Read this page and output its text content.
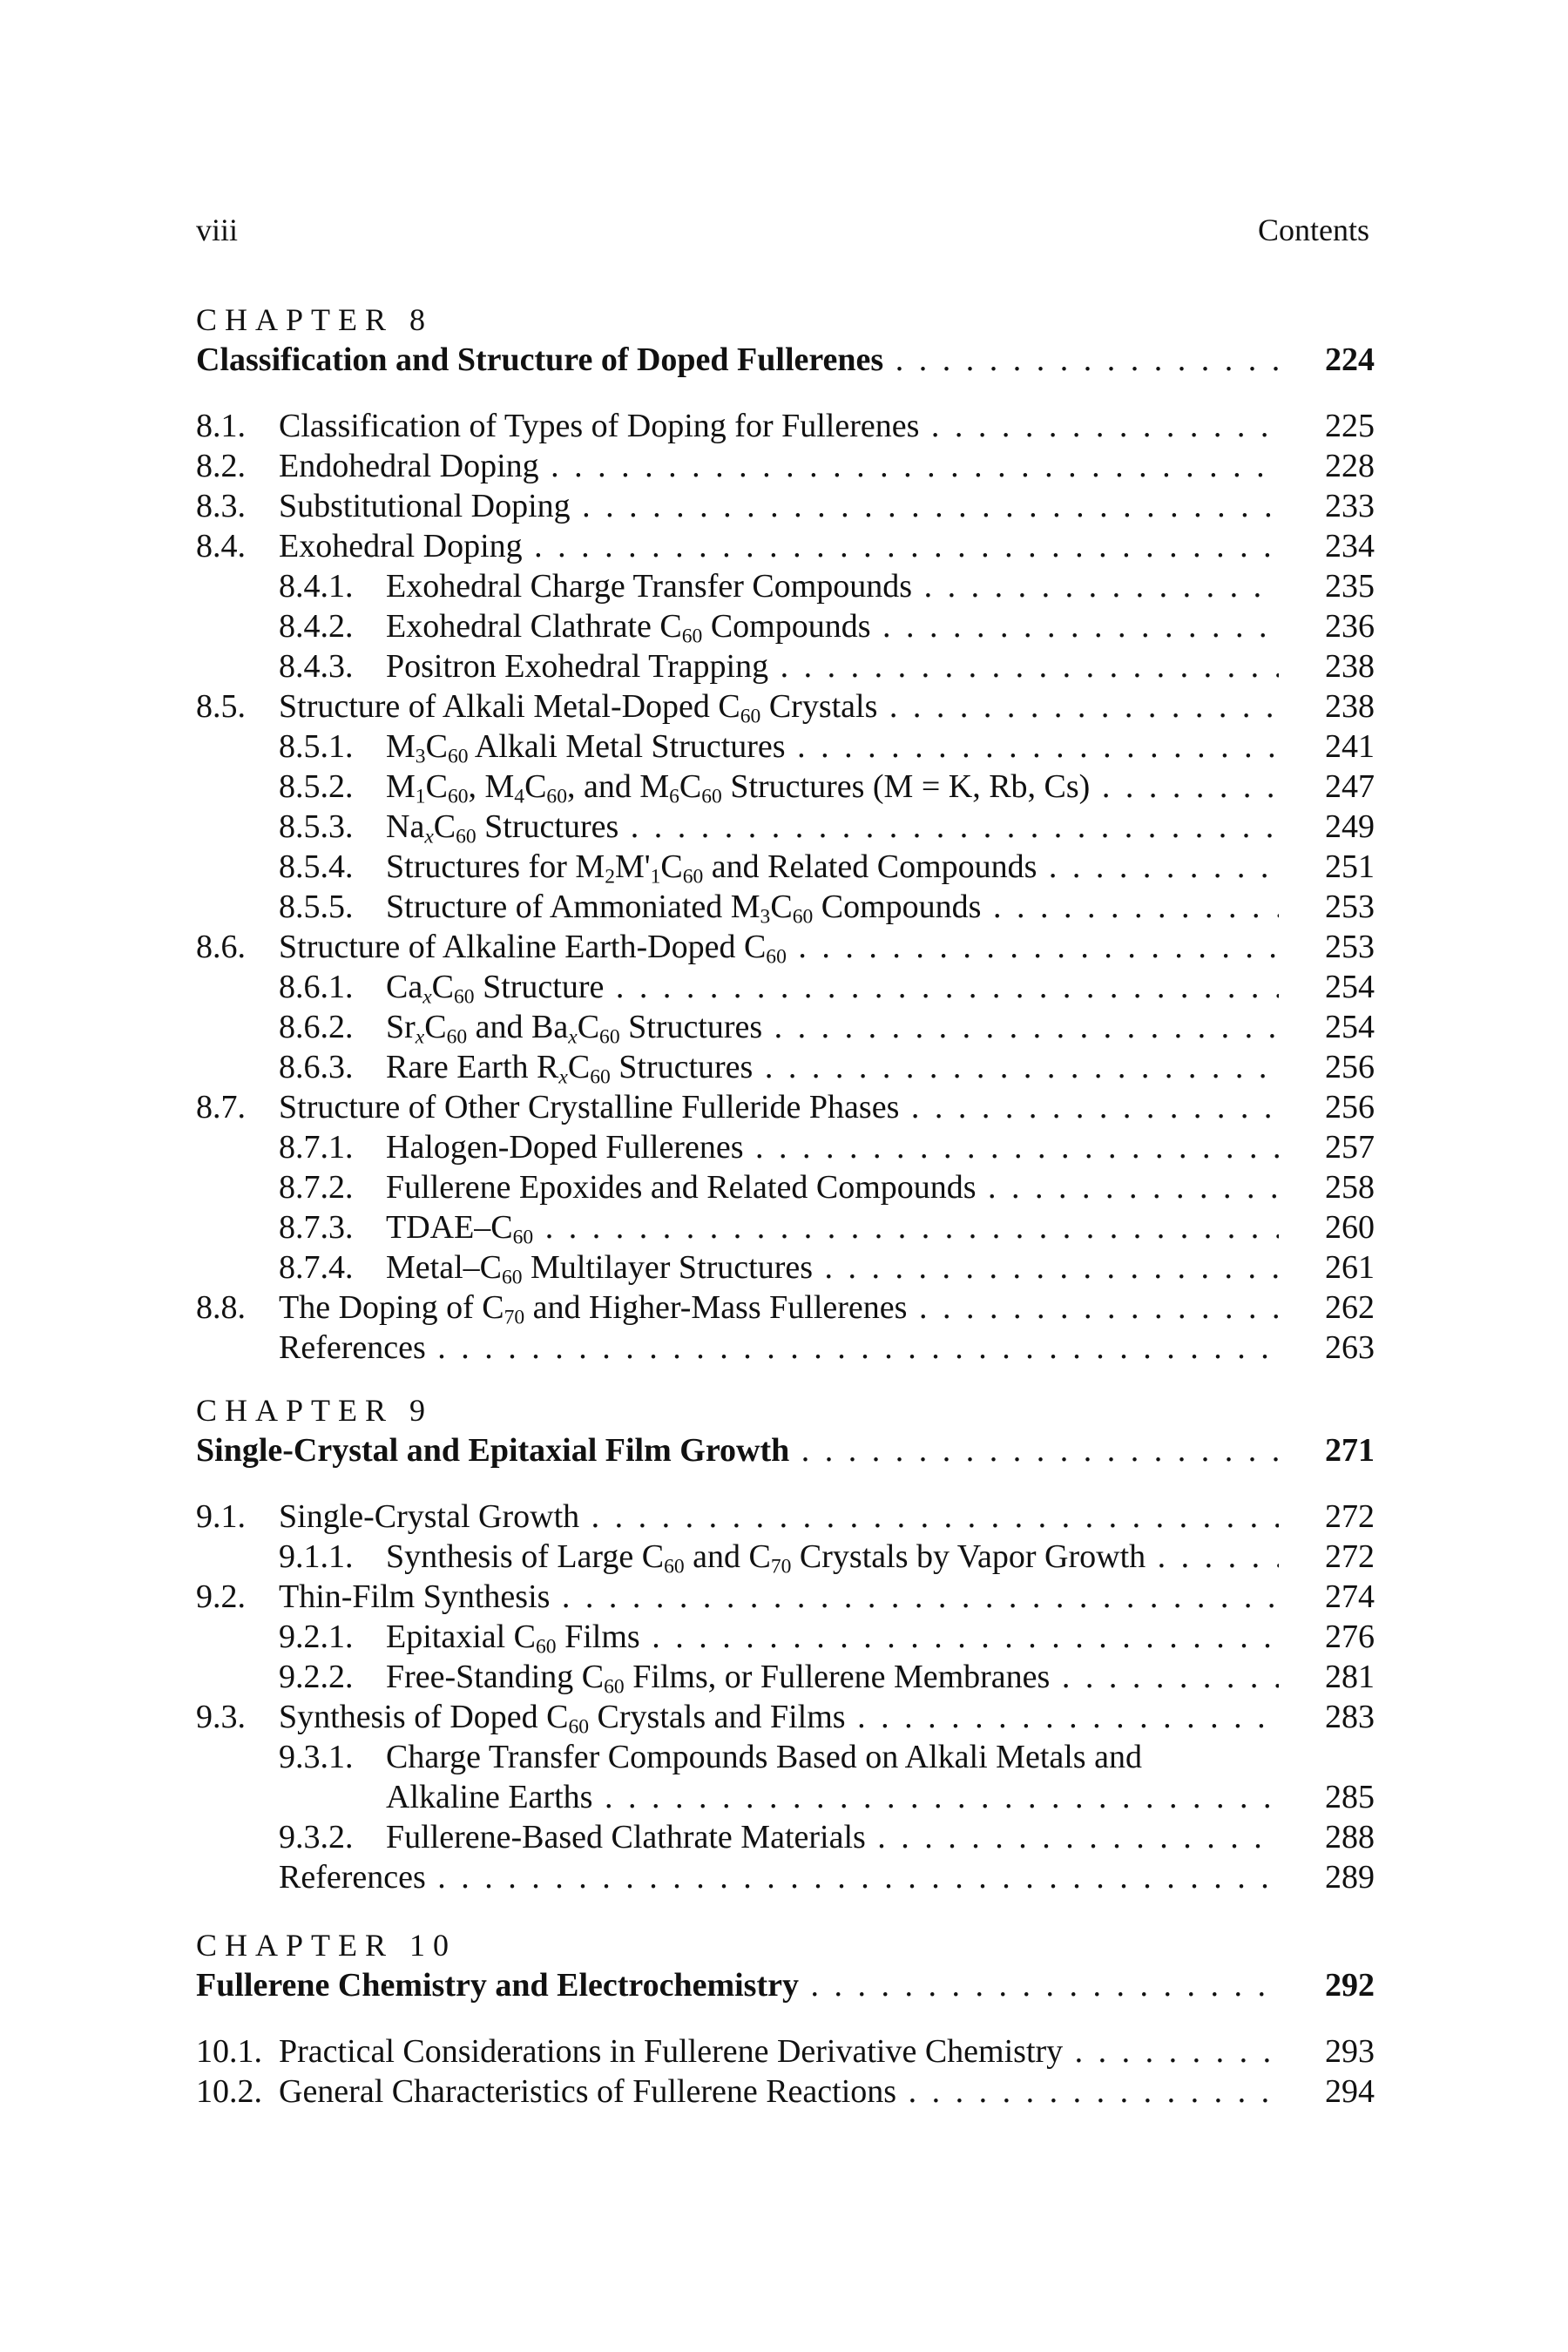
viii	Contents
CHAPTER 8
Classification and Structure of Doped Fullerenes . . .	224
8.1. Classification of Types of Doping for Fullerenes . . .	225
8.2. Endohedral Doping . . .	228
8.3. Substitutional Doping . . .	233
8.4. Exohedral Doping . . .	234
8.4.1. Exohedral Charge Transfer Compounds . . .	235
8.4.2. Exohedral Clathrate $C_{60}$ Compounds . . .	236
8.4.3. Positron Exohedral Trapping . . .	238
8.5. Structure of Alkali Metal-Doped $C_{60}$ Crystals . . .	238
8.5.1. $M_3C_{60}$ Alkali Metal Structures . . .	241
8.5.2. $M_1C_{60}$, $M_4C_{60}$, and $M_6C_{60}$ Structures (M = K, Rb, Cs) . . .	247
8.5.3. $Na_xC_{60}$ Structures . . .	249
8.5.4. Structures for $M_2M'_1C_{60}$ and Related Compounds . . .	251
8.5.5. Structure of Ammoniated $M_3C_{60}$ Compounds . . .	253
8.6. Structure of Alkaline Earth-Doped $C_{60}$ . . .	253
8.6.1. $Ca_xC_{60}$ Structure . . .	254
8.6.2. $Sr_xC_{60}$ and $Ba_xC_{60}$ Structures . . .	254
8.6.3. Rare Earth $R_xC_{60}$ Structures . . .	256
8.7. Structure of Other Crystalline Fulleride Phases . . .	256
8.7.1. Halogen-Doped Fullerenes . . .	257
8.7.2. Fullerene Epoxides and Related Compounds . . .	258
8.7.3. TDAE–$C_{60}$ . . .	260
8.7.4. Metal–$C_{60}$ Multilayer Structures . . .	261
8.8. The Doping of $C_{70}$ and Higher-Mass Fullerenes . . .	262
References . . .	263
CHAPTER 9
Single-Crystal and Epitaxial Film Growth . . .	271
9.1. Single-Crystal Growth . . .	272
9.1.1. Synthesis of Large $C_{60}$ and $C_{70}$ Crystals by Vapor Growth . . .	272
9.2. Thin-Film Synthesis . . .	274
9.2.1. Epitaxial $C_{60}$ Films . . .	276
9.2.2. Free-Standing $C_{60}$ Films, or Fullerene Membranes . . .	281
9.3. Synthesis of Doped $C_{60}$ Crystals and Films . . .	283
9.3.1. Charge Transfer Compounds Based on Alkali Metals and
Alkaline Earths . . .	285
9.3.2. Fullerene-Based Clathrate Materials . . .	288
References . . .	289
CHAPTER 10
Fullerene Chemistry and Electrochemistry . . .	292
10.1. Practical Considerations in Fullerene Derivative Chemistry . . .	293
10.2. General Characteristics of Fullerene Reactions . . .	294
